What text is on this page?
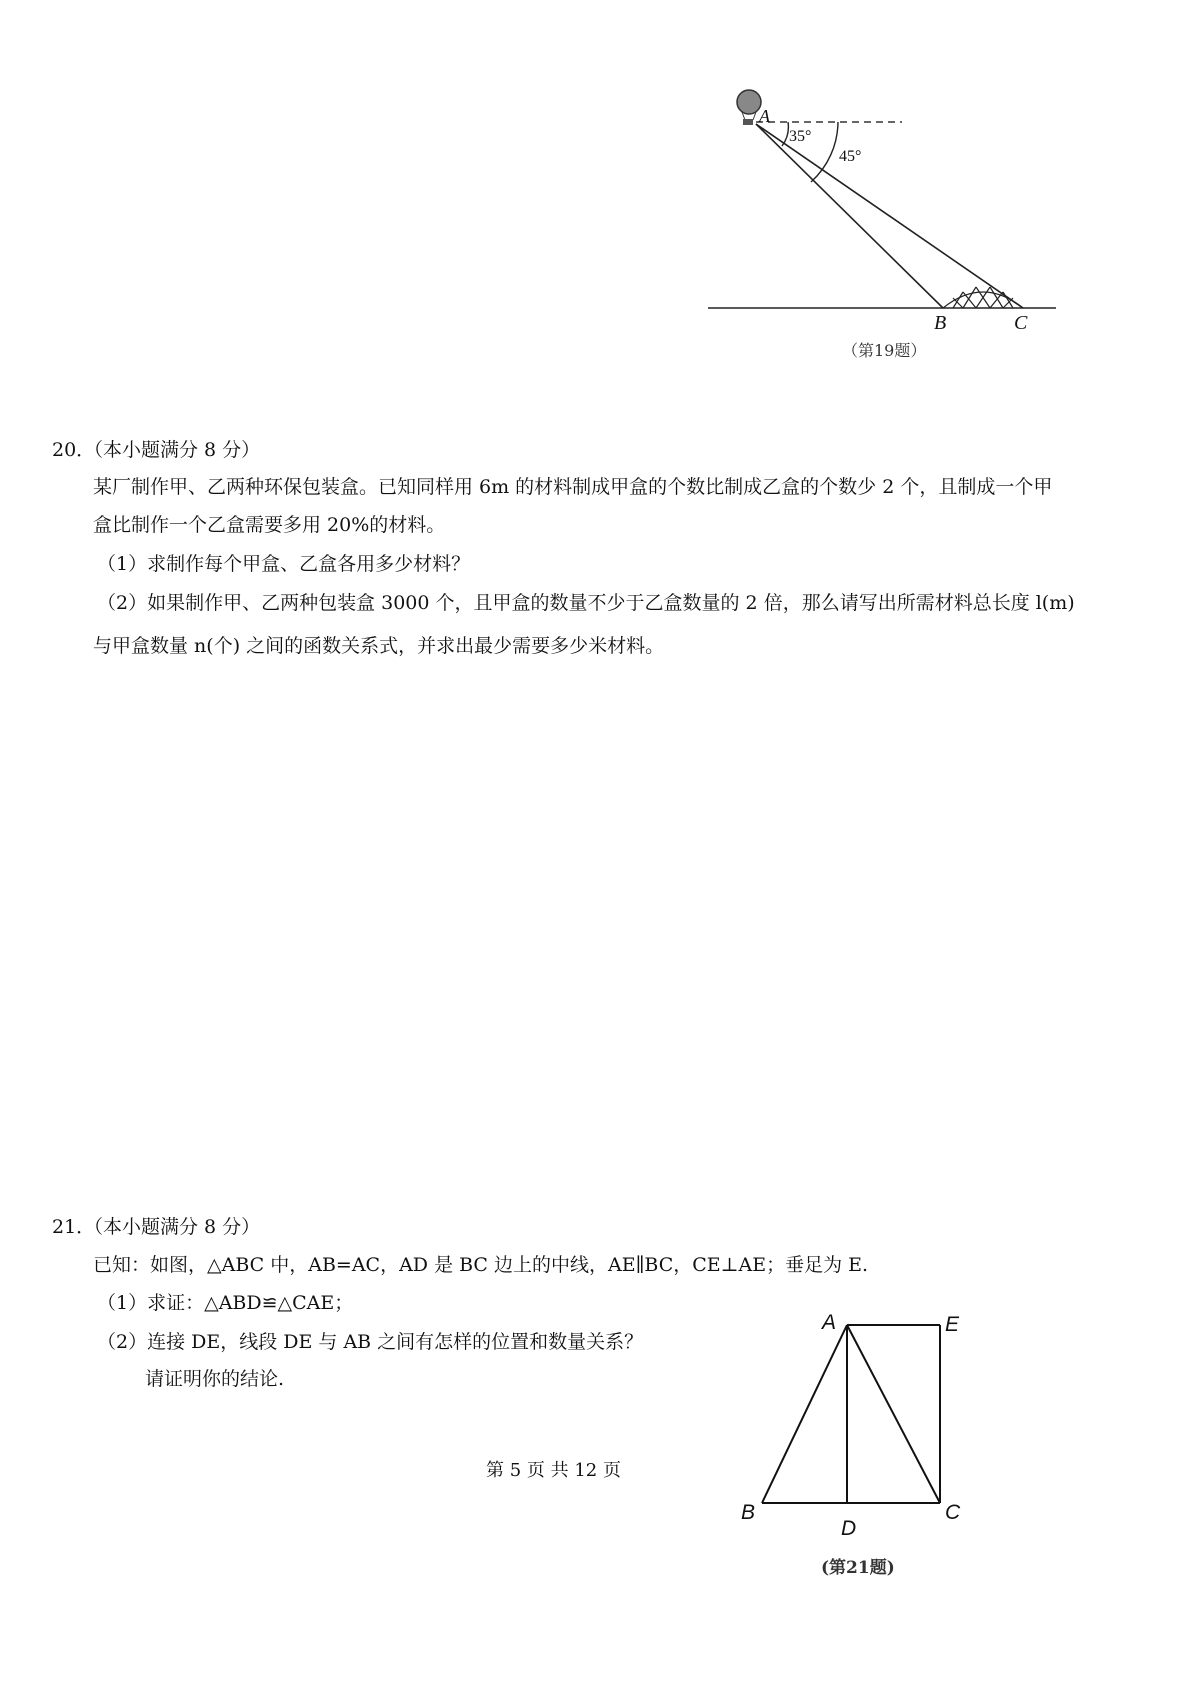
A
35°
45°
B	C
（第19题）
20．
（本小题满分 8 分）
某厂制作甲、乙两种环保包装盒。已知同样用 6m 的材料制成甲盒的个数比制成乙盒的个数少 2 个，且制成一个甲
盒比制作一个乙盒需要多用 20%的材料。
（1）求制作每个甲盒、乙盒各用多少材料？
（2）如果制作甲、乙两种包装盒 3000 个，且甲盒的数量不少于乙盒数量的 2 倍，那么请写出所需材料总长度 l(m)
与甲盒数量 n(个) 之间的函数关系式，并求出最少需要多少米材料。
21．
（本小题满分 8 分）
已知：如图，△ABC 中，AB=AC，AD 是 BC 边上的中线，AE∥BC，CE⊥AE；垂足为 E.
（1）求证：△ABD≌△CAE；
（2）连接 DE，线段 DE 与 AB 之间有怎样的位置和数量关系？
请证明你的结论.
A	E
B
D
C
(第21题)
第 5 页 共 12 页
